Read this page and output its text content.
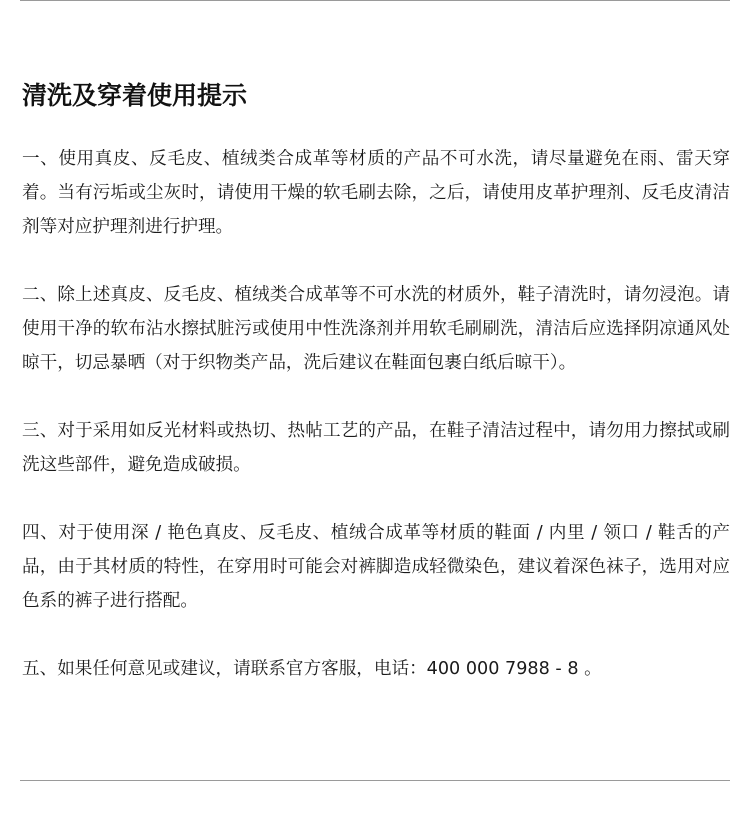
清洗及穿着使用提示

一、使用真皮、反毛皮、植绒类合成革等材质的产品不可水洗，请尽量避免在雨、雷天穿着。当有污垢或尘灰时，请使用干燥的软毛刷去除，之后，请使用皮革护理剂、反毛皮清洁剂等对应护理剂进行护理。

二、除上述真皮、反毛皮、植绒类合成革等不可水洗的材质外，鞋子清洗时，请勿浸泡。请使用干净的软布沾水擦拭脏污或使用中性洗涤剂并用软毛刷刷洗，清洁后应选择阴凉通风处晾干，切忌暴晒（对于织物类产品，洗后建议在鞋面包裹白纸后晾干）。

三、对于采用如反光材料或热切、热帖工艺的产品，在鞋子清洁过程中，请勿用力擦拭或刷洗这些部件，避免造成破损。

四、对于使用深 / 艳色真皮、反毛皮、植绒合成革等材质的鞋面 / 内里 / 领口 / 鞋舌的产品，由于其材质的特性，在穿用时可能会对裤脚造成轻微染色，建议着深色袜子，选用对应色系的裤子进行搭配。

五、如果任何意见或建议，请联系官方客服，电话：400 000 7988 - 8 。
